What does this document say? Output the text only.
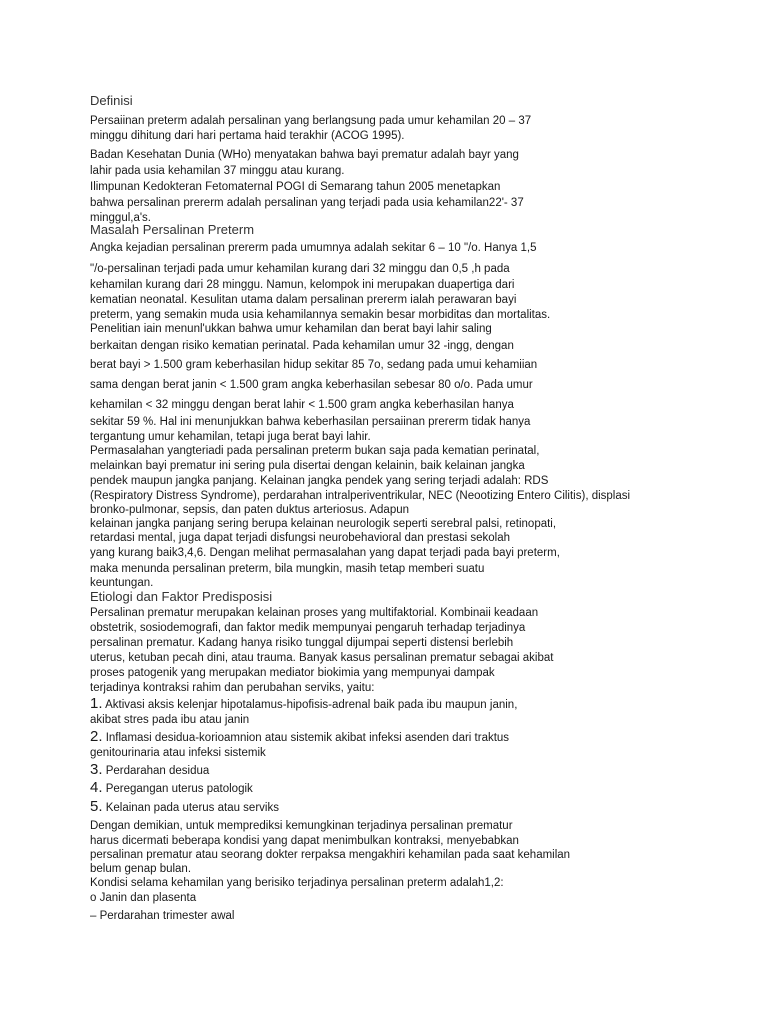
Definisi
Persaiinan preterm adalah persalinan yang berlangsung pada umur kehamilan 20 – 37
minggu dihitung dari hari pertama haid terakhir (ACOG 1995).
Badan Kesehatan Dunia (WHo) menyatakan bahwa bayi prematur adalah bayr yang
lahir pada usia kehamilan 37 minggu atau kurang.
Ilimpunan Kedokteran Fetomaternal POGI di Semarang tahun 2005 menetapkan
bahwa persalinan prererm adalah persalinan yang terjadi pada usia kehamilan22'- 37
minggul,a's.
Masalah Persalinan Preterm
Angka kejadian persalinan prererm pada umumnya adalah sekitar 6 – 10 "/o. Hanya 1,5
"/o-persalinan terjadi pada umur kehamilan kurang dari 32 minggu dan 0,5 ,h pada
kehamilan kurang dari 28 minggu. Namun, kelompok ini merupakan duapertiga dari
kematian neonatal. Kesulitan utama dalam persalinan prererm ialah perawaran bayi
preterm, yang semakin muda usia kehamilannya semakin besar morbiditas dan mortalitas.
Penelitian iain menunl'ukkan bahwa umur kehamilan dan berat bayi lahir saling
berkaitan dengan risiko kematian perinatal. Pada kehamilan umur 32 -ingg, dengan
berat bayi > 1.500 gram keberhasilan hidup sekitar 85 7o, sedang pada umui kehamiian
sama dengan berat janin < 1.500 gram angka keberhasilan sebesar 80 o/o. Pada umur
kehamilan < 32 minggu dengan berat lahir < 1.500 gram angka keberhasilan hanya
sekitar 59 %. Hal ini menunjukkan bahwa keberhasilan persaiinan prererm tidak hanya
tergantung umur kehamilan, tetapi juga berat bayi lahir.
Permasalahan yangteriadi pada persalinan preterm bukan saja pada kematian perinatal,
melainkan bayi prematur ini sering pula disertai dengan kelainin, baik kelainan jangka
pendek maupun jangka panjang. Kelainan jangka pendek yang sering terjadi adalah: RDS
(Respiratory Distress Syndrome), perdarahan intralperiventrikular, NEC (Neootizing Entero Cilitis), displasi
bronko-pulmonar, sepsis, dan paten duktus arteriosus. Adapun
kelainan jangka panjang sering berupa kelainan neurologik seperti serebral palsi, retinopati,
retardasi mental, juga dapat terjadi disfungsi neurobehavioral dan prestasi sekolah
yang kurang baik3,4,6. Dengan melihat permasalahan yang dapat terjadi pada bayi preterm,
maka menunda persalinan preterm, bila mungkin, masih tetap memberi suatu
keuntungan.
Etiologi dan Faktor Predisposisi
Persalinan prematur merupakan kelainan proses yang multifaktorial. Kombinaii keadaan
obstetrik, sosiodemografi, dan faktor medik mempunyai pengaruh terhadap terjadinya
persalinan prematur. Kadang hanya risiko tunggal dijumpai seperti distensi berlebih
uterus, ketuban pecah dini, atau trauma. Banyak kasus persalinan prematur sebagai akibat
proses patogenik yang merupakan mediator biokimia yang mempunyai dampak
terjadinya kontraksi rahim dan perubahan serviks, yaitu:
1. Aktivasi aksis kelenjar hipotalamus-hipofisis-adrenal baik pada ibu maupun janin,
akibat stres pada ibu atau janin
2. Inflamasi desidua-korioamnion atau sistemik akibat infeksi asenden dari traktus
genitourinaria atau infeksi sistemik
3. Perdarahan desidua
4. Peregangan uterus patologik
5. Kelainan pada uterus atau serviks
Dengan demikian, untuk memprediksi kemungkinan terjadinya persalinan prematur
harus dicermati beberapa kondisi yang dapat menimbulkan kontraksi, menyebabkan
persalinan prematur atau seorang dokter rerpaksa mengakhiri kehamilan pada saat kehamilan
belum genap bulan.
Kondisi selama kehamilan yang berisiko terjadinya persalinan preterm adalah1,2:
o Janin dan plasenta
– Perdarahan trimester awal
